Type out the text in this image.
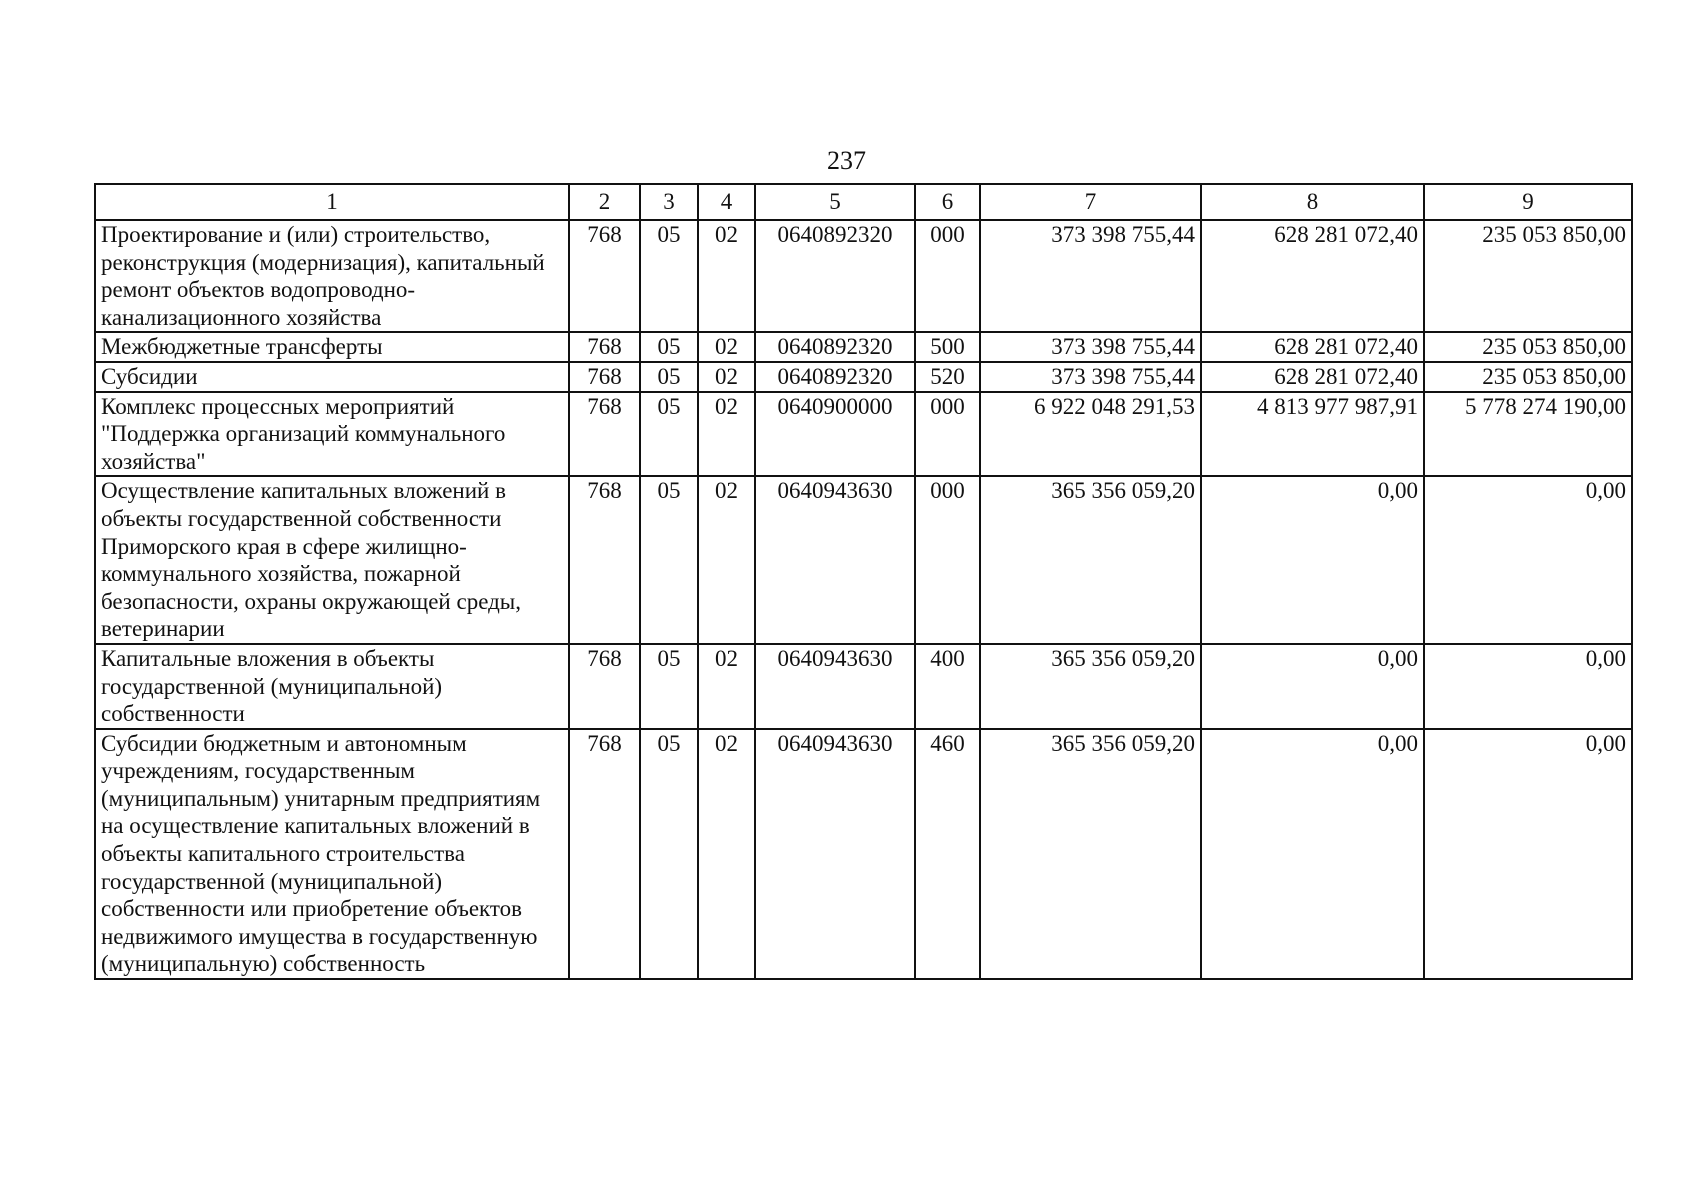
237
1	2	3	4	5	6	7	8	9
Проектирование и (или) строительство, реконструкция (модернизация), капитальный ремонт объектов водопроводно-канализационного хозяйства	768	05	02	0640892320	000	373 398 755,44	628 281 072,40	235 053 850,00
Межбюджетные трансферты	768	05	02	0640892320	500	373 398 755,44	628 281 072,40	235 053 850,00
Субсидии	768	05	02	0640892320	520	373 398 755,44	628 281 072,40	235 053 850,00
Комплекс процессных мероприятий "Поддержка организаций коммунального хозяйства"	768	05	02	0640900000	000	6 922 048 291,53	4 813 977 987,91	5 778 274 190,00
Осуществление капитальных вложений в объекты государственной собственности Приморского края в сфере жилищно-коммунального хозяйства, пожарной безопасности, охраны окружающей среды, ветеринарии	768	05	02	0640943630	000	365 356 059,20	0,00	0,00
Капитальные вложения в объекты государственной (муниципальной) собственности	768	05	02	0640943630	400	365 356 059,20	0,00	0,00
Субсидии бюджетным и автономным учреждениям, государственным (муниципальным) унитарным предприятиям на осуществление капитальных вложений в объекты капитального строительства государственной (муниципальной) собственности или приобретение объектов недвижимого имущества в государственную (муниципальную) собственность	768	05	02	0640943630	460	365 356 059,20	0,00	0,00
